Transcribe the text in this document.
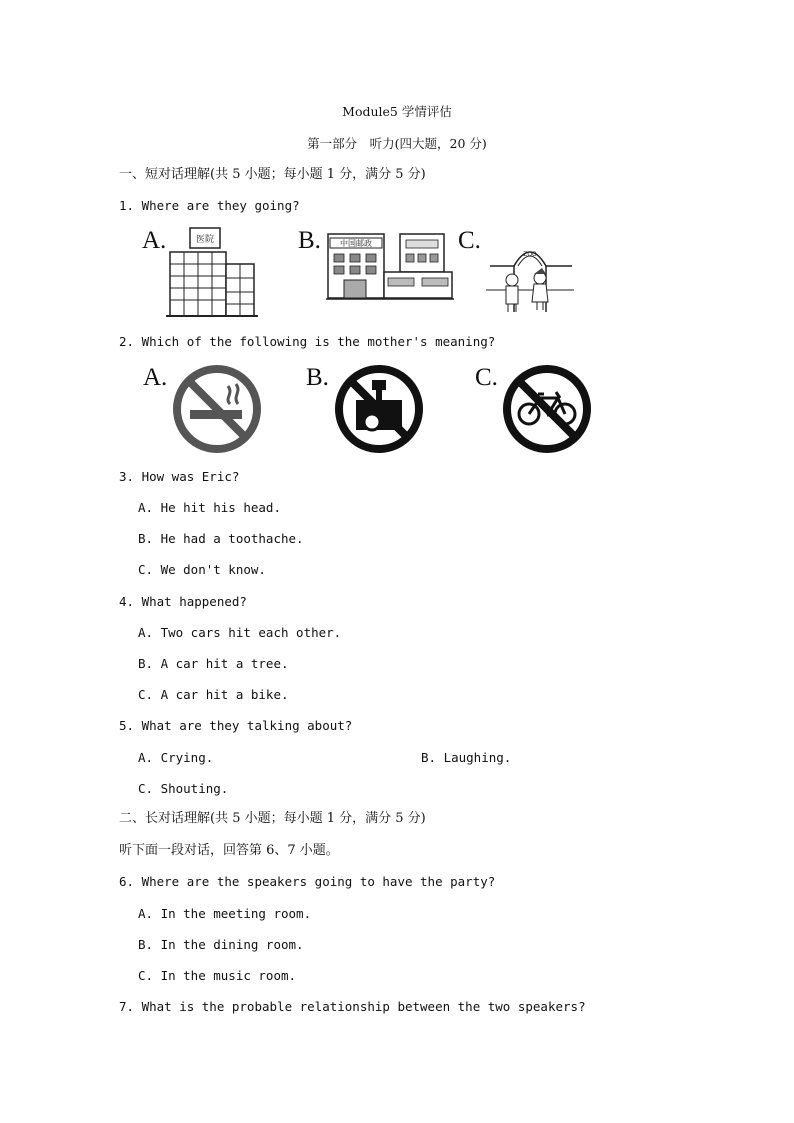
Module5 学情评估
第一部分　听力(四大题，20 分)
一、短对话理解(共 5 小题；每小题 1 分，满分 5 分)
1. Where are they going?
A.	B.	C.
医院	中国邮政
ZOO
2. Which of the following is the mother's meaning?
A.	B.	C.
3. How was Eric?
A. He hit his head.
B. He had a toothache.
C. We don't know.
4. What happened?
A. Two cars hit each other.
B. A car hit a tree.
C. A car hit a bike.
5. What are they talking about?
A. Crying.	B. Laughing.
C. Shouting.
二、长对话理解(共 5 小题；每小题 1 分，满分 5 分)
听下面一段对话，回答第 6、7 小题。
6. Where are the speakers going to have the party?
A. In the meeting room.
B. In the dining room.
C. In the music room.
7. What is the probable relationship between the two speakers?
